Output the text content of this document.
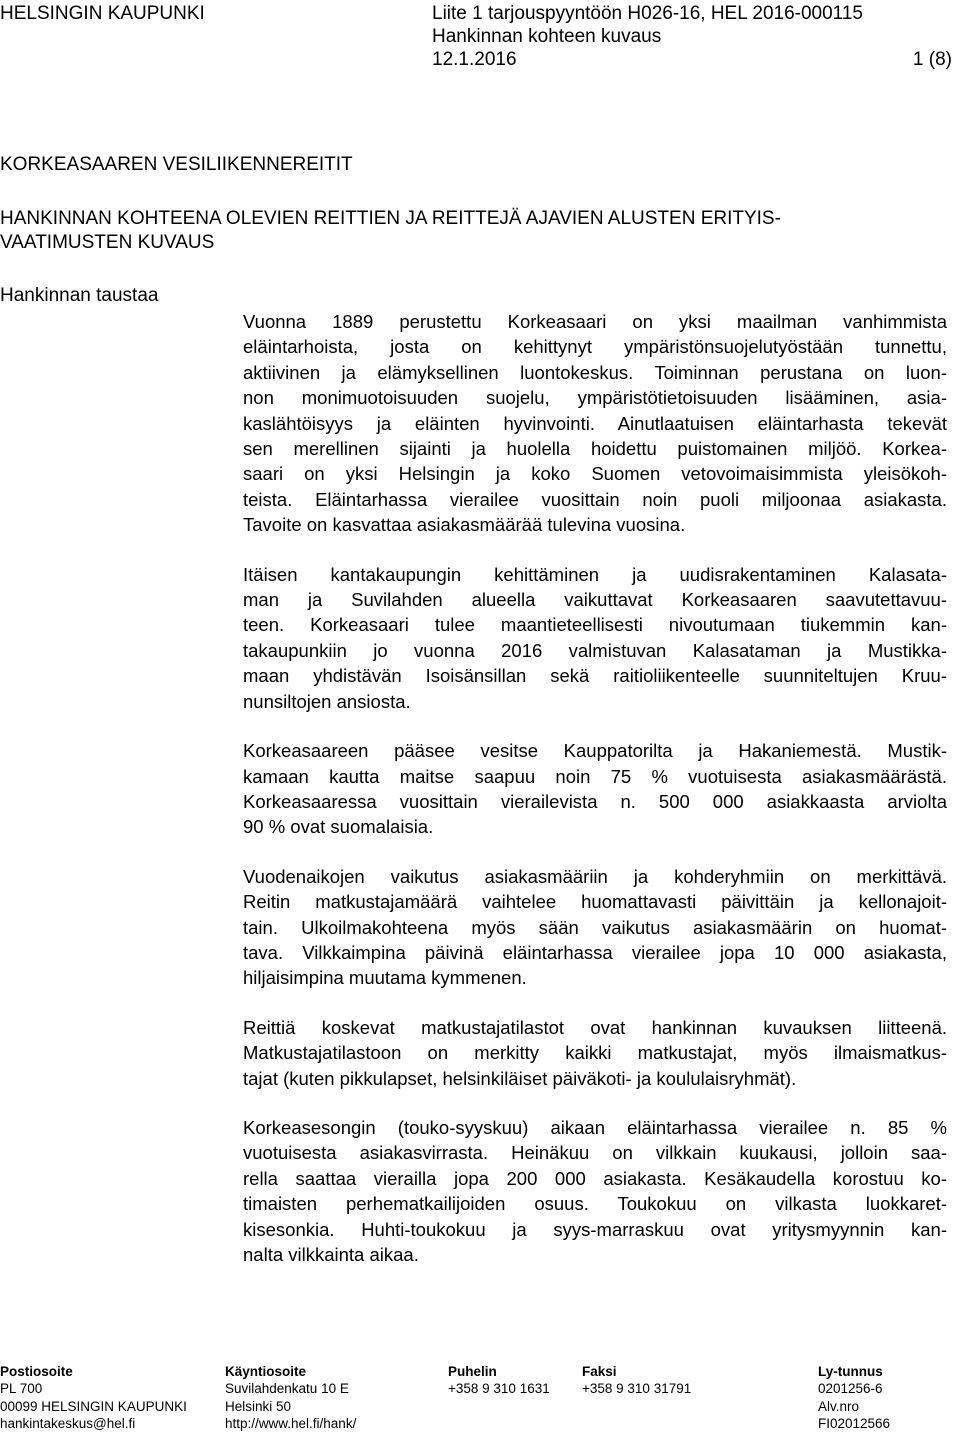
HELSINGIN KAUPUNKI	Liite 1 tarjouspyyntöön H026-16, HEL 2016-000115
Hankinnan kohteen kuvaus
12.1.2016	1 (8)
KORKEASAAREN VESILIIKENNEREITIT
HANKINNAN KOHTEENA OLEVIEN REITTIEN JA REITTEJÄ AJAVIEN ALUSTEN ERITYIS-
VAATIMUSTEN KUVAUS
Hankinnan taustaa

Vuonna 1889 perustettu Korkeasaari on yksi maailman vanhimmista
eläintarhoista, josta on kehittynyt ympäristönsuojelutyöstään tunnettu,
aktiivinen ja elämyksellinen luontokeskus. Toiminnan perustana on luon-
non monimuotoisuuden suojelu, ympäristötietoisuuden lisääminen, asia-
kaslähtöisyys ja eläinten hyvinvointi. Ainutlaatuisen eläintarhasta tekevät
sen merellinen sijainti ja huolella hoidettu puistomainen miljöö. Korkea-
saari on yksi Helsingin ja koko Suomen vetovoimaisimmista yleisökoh-
teista. Eläintarhassa vierailee vuosittain noin puoli miljoonaa asiakasta.
Tavoite on kasvattaa asiakasmäärää tulevina vuosina.

Itäisen kantakaupungin kehittäminen ja uudisrakentaminen Kalasata-
man ja Suvilahden alueella vaikuttavat Korkeasaaren saavutettavuu-
teen. Korkeasaari tulee maantieteellisesti nivoutumaan tiukemmin kan-
takaupunkiin jo vuonna 2016 valmistuvan Kalasataman ja Mustikka-
maan yhdistävän Isoisänsillan sekä raitioliikenteelle suunniteltujen Kruu-
nunsiltojen ansiosta.

Korkeasaareen pääsee vesitse Kauppatorilta ja Hakaniemestä. Mustik-
kamaan kautta maitse saapuu noin 75 % vuotuisesta asiakasmäärästä.
Korkeasaaressa vuosittain vierailevista n. 500 000 asiakkaasta arviolta
90 % ovat suomalaisia.

Vuodenaikojen vaikutus asiakasmääriin ja kohderyhmiin on merkittävä.
Reitin matkustajamäärä vaihtelee huomattavasti päivittäin ja kellonajoit-
tain. Ulkoilmakohteena myös sään vaikutus asiakasmäärin on huomat-
tava. Vilkkaimpina päivinä eläintarhassa vierailee jopa 10 000 asiakasta,
hiljaisimpina muutama kymmenen.

Reittiä koskevat matkustajatilastot ovat hankinnan kuvauksen liitteenä.
Matkustajatilastoon on merkitty kaikki matkustajat, myös ilmaismatkus-
tajat (kuten pikkulapset, helsinkiläiset päiväkoti- ja koululaisryhmät).

Korkeasesongin (touko-syyskuu) aikaan eläintarhassa vierailee n. 85 %
vuotuisesta asiakasvirrasta. Heinäkuu on vilkkain kuukausi, jolloin saa-
rella saattaa vierailla jopa 200 000 asiakasta. Kesäkaudella korostuu ko-
timaisten perhematkailijoiden osuus. Toukokuu on vilkasta luokkaret-
kisesonkia. Huhti-toukokuu ja syys-marraskuu ovat yritysmyynnin kan-
nalta vilkkainta aikaa.

Postiosoite
PL 700
00099 HELSINGIN KAUPUNKI
hankintakeskus@hel.fi
Käyntiosoite
Suvilahdenkatu 10 E
Helsinki 50
http://www.hel.fi/hank/
Puhelin
+358 9 310 1631
Faksi
+358 9 310 31791
Ly-tunnus
0201256-6
Alv.nro
FI02012566
